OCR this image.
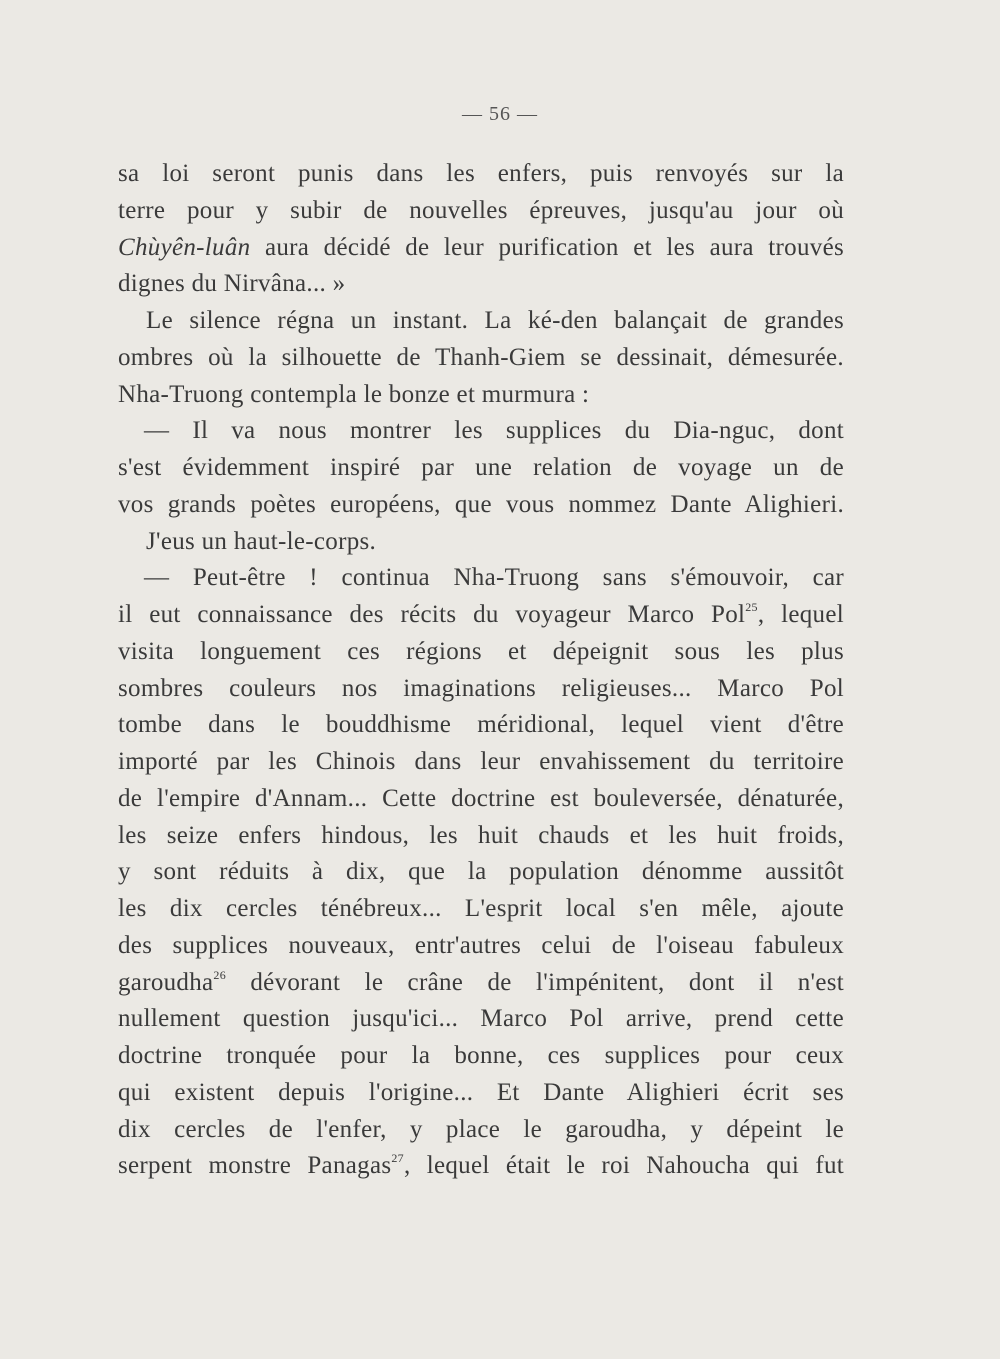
— 56 —
sa loi seront punis dans les enfers, puis renvoyés sur la
terre pour y subir de nouvelles épreuves, jusqu'au jour où
Chùyên-luân aura décidé de leur purification et les aura trouvés
dignes du Nirvâna... »
Le silence régna un instant. La ké-den balançait de grandes
ombres où la silhouette de Thanh-Giem se dessinait, démesurée.
Nha-Truong contempla le bonze et murmura :
— Il va nous montrer les supplices du Dia-nguc, dont
s'est évidemment inspiré par une relation de voyage un de
vos grands poètes européens, que vous nommez Dante Alighieri.
J'eus un haut-le-corps.
— Peut-être ! continua Nha-Truong sans s'émouvoir, car
il eut connaissance des récits du voyageur Marco Pol$^{25}$, lequel
visita longuement ces régions et dépeignit sous les plus
sombres couleurs nos imaginations religieuses... Marco Pol
tombe dans le bouddhisme méridional, lequel vient d'être
importé par les Chinois dans leur envahissement du territoire
de l'empire d'Annam... Cette doctrine est bouleversée, dénaturée,
les seize enfers hindous, les huit chauds et les huit froids,
y sont réduits à dix, que la population dénomme aussitôt
les dix cercles ténébreux... L'esprit local s'en mêle, ajoute
des supplices nouveaux, entr'autres celui de l'oiseau fabuleux
garoudha$^{26}$ dévorant le crâne de l'impénitent, dont il n'est
nullement question jusqu'ici... Marco Pol arrive, prend cette
doctrine tronquée pour la bonne, ces supplices pour ceux
qui existent depuis l'origine... Et Dante Alighieri écrit ses
dix cercles de l'enfer, y place le garoudha, y dépeint le
serpent monstre Panagas$^{27}$, lequel était le roi Nahoucha qui fut
